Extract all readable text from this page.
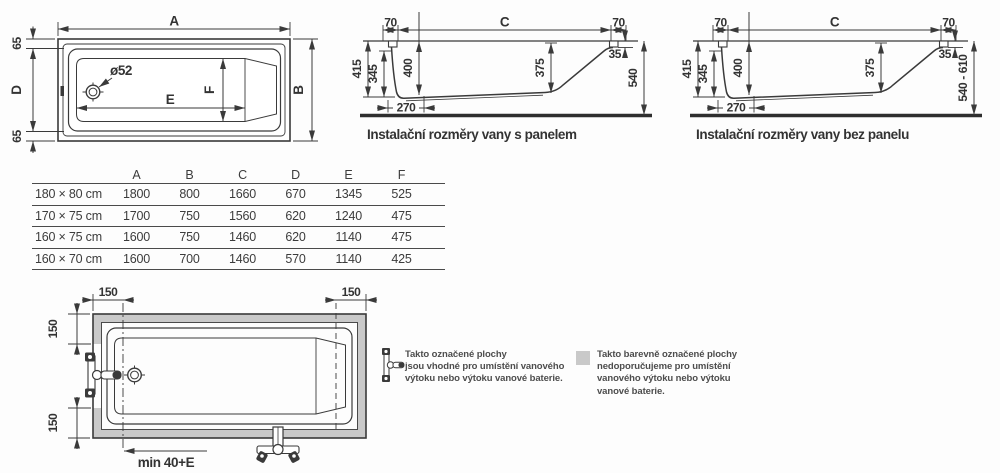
A
B
65
D
65
E
F
ø52
70	C	70
415 345 400	375
35
540
270
70	C	70
415 345 400	375
35
540 - 610
270
150	150
150
150
min 40+E
Instalační rozměry vany s panelem	Instalační rozměry vany bez panelu
A	B	C	D	E	F
180 × 80 cm	1800	800	1660	670	1345	525
170 × 75 cm	1700	750	1560	620	1240	475
160 × 75 cm	1600	750	1460	620	1140	475
160 × 70 cm	1600	700	1460	570	1140	425
Takto označené plochy
jsou vhodné pro umístění vanového
výtoku nebo výtoku vanové baterie.
Takto barevně označené plochy
nedoporučujeme pro umístění
vanového výtoku nebo výtoku
vanové baterie.
